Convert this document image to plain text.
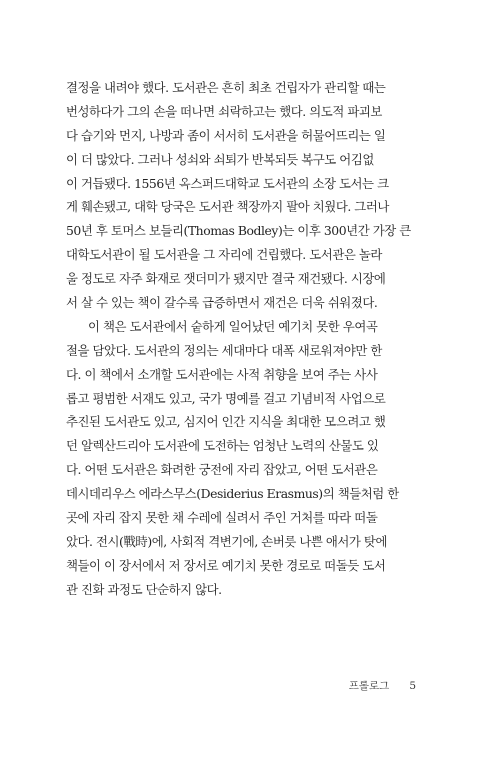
결정을 내려야 했다. 도서관은 흔히 최초 건립자가 관리할 때는
번성하다가 그의 손을 떠나면 쇠락하고는 했다. 의도적 파괴보
다 습기와 먼지, 나방과 좀이 서서히 도서관을 허물어뜨리는 일
이 더 많았다. 그러나 성쇠와 쇠퇴가 반복되듯 복구도 어김없
이 거듭됐다. 1556년 옥스퍼드대학교 도서관의 소장 도서는 크
게 훼손됐고, 대학 당국은 도서관 책장까지 팔아 치웠다. 그러나
50년 후 토머스 보들리(Thomas Bodley)는 이후 300년간 가장 큰
대학도서관이 될 도서관을 그 자리에 건립했다. 도서관은 놀라
울 정도로 자주 화재로 잿더미가 됐지만 결국 재건됐다. 시장에
서 살 수 있는 책이 갈수록 급증하면서 재건은 더욱 쉬워졌다.
이 책은 도서관에서 숱하게 일어났던 예기치 못한 우여곡
절을 담았다. 도서관의 정의는 세대마다 대폭 새로워져야만 한
다. 이 책에서 소개할 도서관에는 사적 취향을 보여 주는 사사
롭고 평범한 서재도 있고, 국가 명예를 걸고 기념비적 사업으로
추진된 도서관도 있고, 심지어 인간 지식을 최대한 모으려고 했
던 알렉산드리아 도서관에 도전하는 엄청난 노력의 산물도 있
다. 어떤 도서관은 화려한 궁전에 자리 잡았고, 어떤 도서관은
데시데리우스 에라스무스(Desiderius Erasmus)의 책들처럼 한
곳에 자리 잡지 못한 채 수레에 실려서 주인 거처를 따라 떠돌
았다. 전시(戰時)에, 사회적 격변기에, 손버릇 나쁜 애서가 탓에
책들이 이 장서에서 저 장서로 예기치 못한 경로로 떠돌듯 도서
관 진화 과정도 단순하지 않다.
프롤로그 5
